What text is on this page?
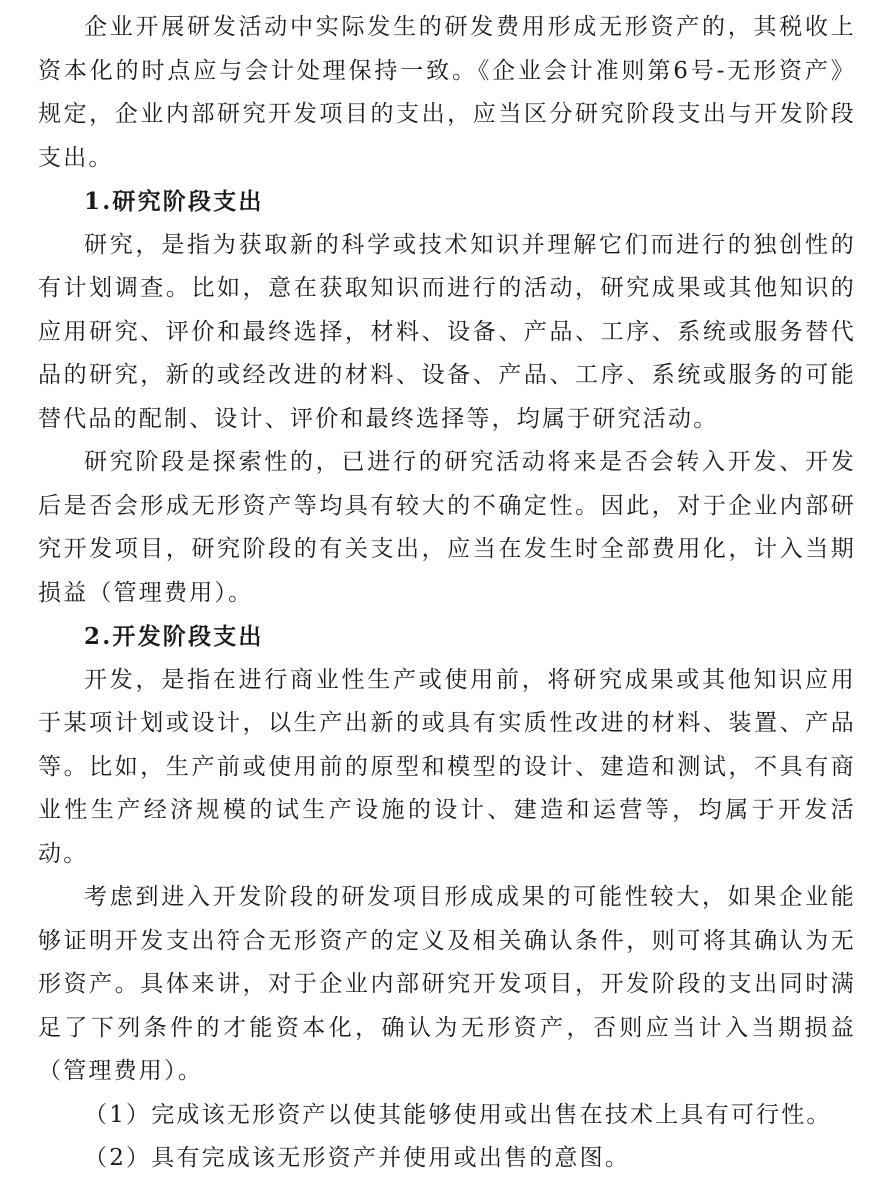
企业开展研发活动中实际发生的研发费用形成无形资产的，其税收上资本化的时点应与会计处理保持一致。《企业会计准则第6号-无形资产》规定，企业内部研究开发项目的支出，应当区分研究阶段支出与开发阶段支出。

1.研究阶段支出

研究，是指为获取新的科学或技术知识并理解它们而进行的独创性的有计划调查。比如，意在获取知识而进行的活动，研究成果或其他知识的应用研究、评价和最终选择，材料、设备、产品、工序、系统或服务替代品的研究，新的或经改进的材料、设备、产品、工序、系统或服务的可能替代品的配制、设计、评价和最终选择等，均属于研究活动。

研究阶段是探索性的，已进行的研究活动将来是否会转入开发、开发后是否会形成无形资产等均具有较大的不确定性。因此，对于企业内部研究开发项目，研究阶段的有关支出，应当在发生时全部费用化，计入当期损益（管理费用）。

2.开发阶段支出

开发，是指在进行商业性生产或使用前，将研究成果或其他知识应用于某项计划或设计，以生产出新的或具有实质性改进的材料、装置、产品等。比如，生产前或使用前的原型和模型的设计、建造和测试，不具有商业性生产经济规模的试生产设施的设计、建造和运营等，均属于开发活动。

考虑到进入开发阶段的研发项目形成成果的可能性较大，如果企业能够证明开发支出符合无形资产的定义及相关确认条件，则可将其确认为无形资产。具体来讲，对于企业内部研究开发项目，开发阶段的支出同时满足了下列条件的才能资本化，确认为无形资产，否则应当计入当期损益（管理费用）。

（1）完成该无形资产以使其能够使用或出售在技术上具有可行性。

（2）具有完成该无形资产并使用或出售的意图。
